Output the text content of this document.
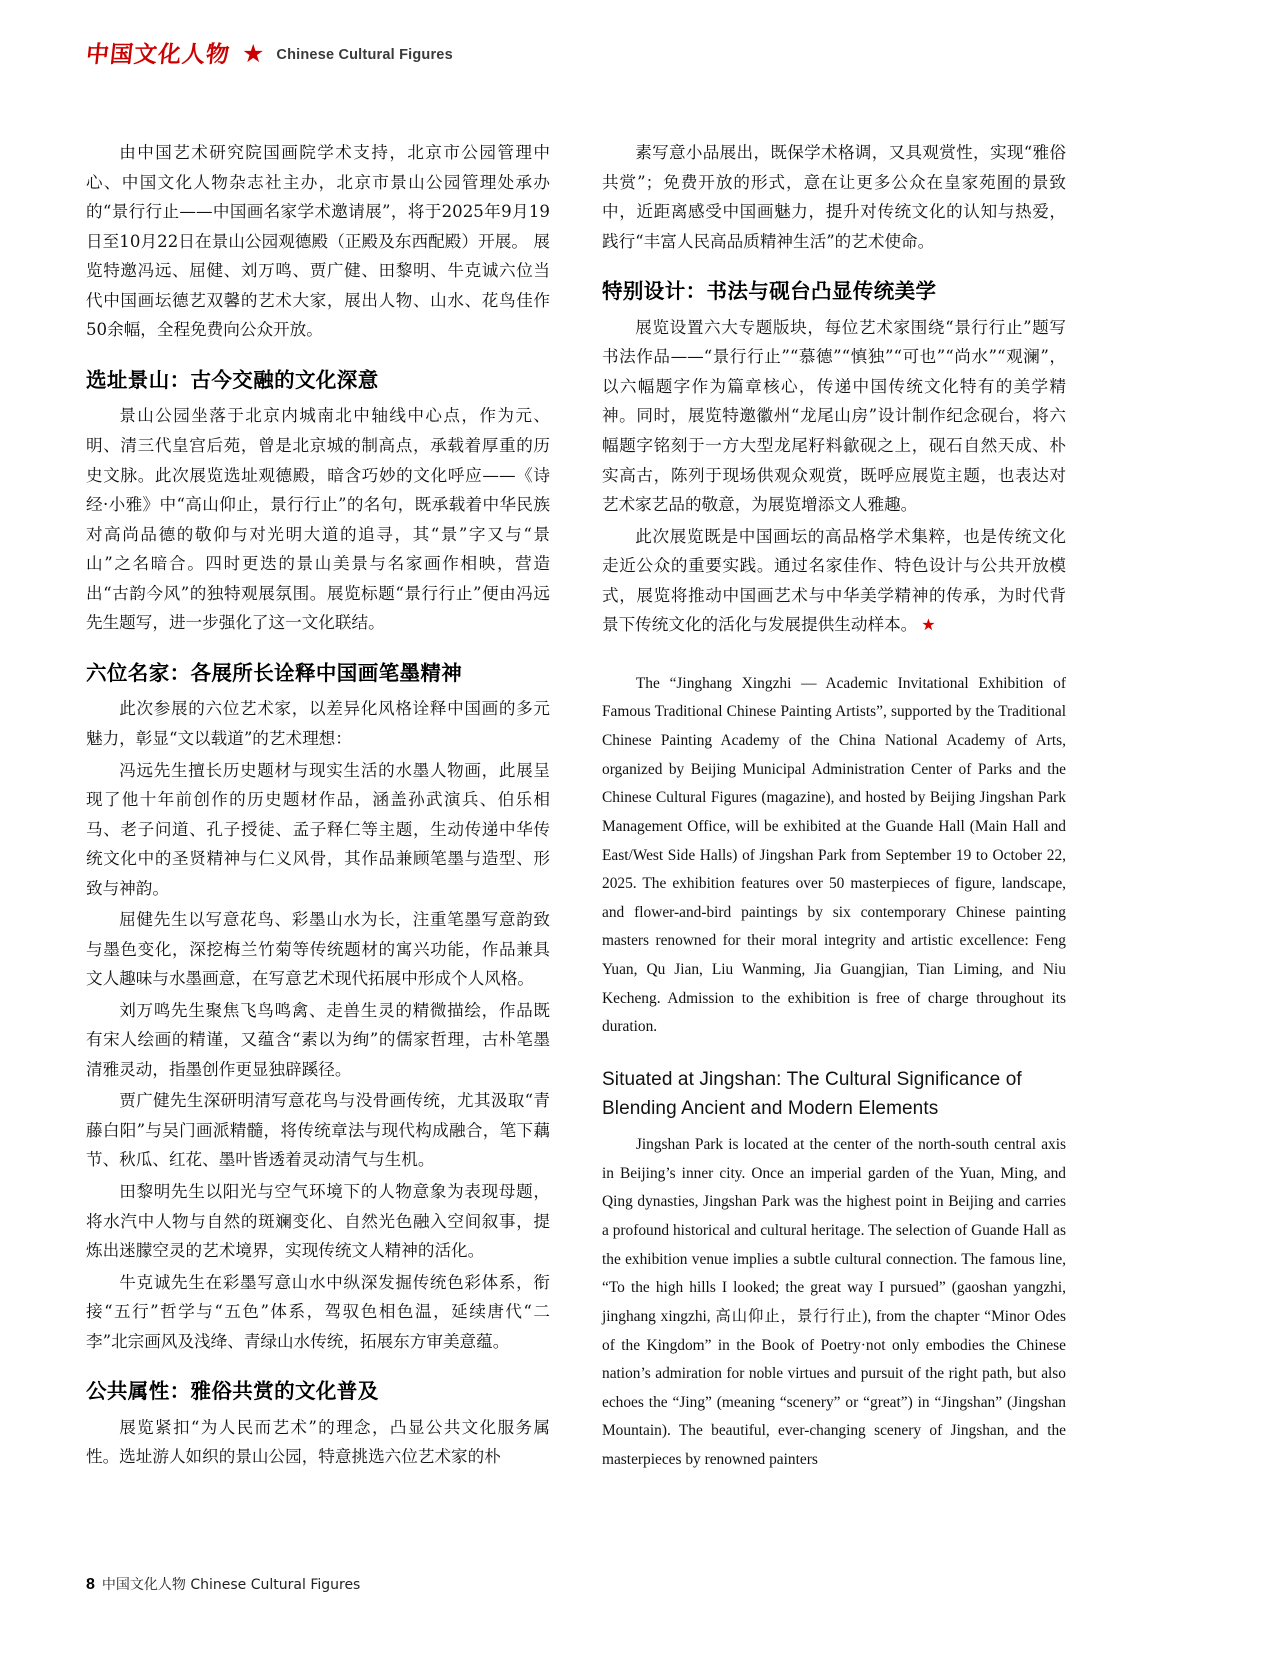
中国文化人物 ★ Chinese Cultural Figures

由中国艺术研究院国画院学术支持，北京市公园管理中心、中国文化人物杂志社主办，北京市景山公园管理处承办的“景行行止——中国画名家学术邀请展”，将于2025年9月19日至10月22日在景山公园观德殿（正殿及东西配殿）开展。 展览特邀冯远、屈健、刘万鸣、贾广健、田黎明、牛克诚六位当代中国画坛德艺双馨的艺术大家，展出人物、山水、花鸟佳作50余幅，全程免费向公众开放。

选址景山：古今交融的文化深意

景山公园坐落于北京内城南北中轴线中心点，作为元、明、清三代皇宫后苑，曾是北京城的制高点，承载着厚重的历史文脉。此次展览选址观德殿，暗含巧妙的文化呼应——《诗经·小雅》中“高山仰止，景行行止”的名句，既承载着中华民族对高尚品德的敬仰与对光明大道的追寻，其“景”字又与“景山”之名暗合。四时更迭的景山美景与名家画作相映，营造出“古韵今风”的独特观展氛围。展览标题“景行行止”便由冯远先生题写，进一步强化了这一文化联结。

六位名家：各展所长诠释中国画笔墨精神

此次参展的六位艺术家，以差异化风格诠释中国画的多元魅力，彰显“文以载道”的艺术理想：

冯远先生擅长历史题材与现实生活的水墨人物画，此展呈现了他十年前创作的历史题材作品，涵盖孙武演兵、伯乐相马、老子问道、孔子授徒、孟子释仁等主题，生动传递中华传统文化中的圣贤精神与仁义风骨，其作品兼顾笔墨与造型、形致与神韵。

屈健先生以写意花鸟、彩墨山水为长，注重笔墨写意韵致与墨色变化，深挖梅兰竹菊等传统题材的寓兴功能，作品兼具文人趣味与水墨画意，在写意艺术现代拓展中形成个人风格。

刘万鸣先生聚焦飞鸟鸣禽、走兽生灵的精微描绘，作品既有宋人绘画的精谨，又蕴含“素以为绚”的儒家哲理，古朴笔墨清雅灵动，指墨创作更显独辟蹊径。

贾广健先生深研明清写意花鸟与没骨画传统，尤其汲取“青藤白阳”与吴门画派精髓，将传统章法与现代构成融合，笔下藕节、秋瓜、红花、墨叶皆透着灵动清气与生机。

田黎明先生以阳光与空气环境下的人物意象为表现母题，将水汽中人物与自然的斑斓变化、自然光色融入空间叙事，提炼出迷朦空灵的艺术境界，实现传统文人精神的活化。

牛克诚先生在彩墨写意山水中纵深发掘传统色彩体系，衔接“五行”哲学与“五色”体系，驾驭色相色温，延续唐代“二李”北宗画风及浅绛、青绿山水传统，拓展东方审美意蕴。

公共属性：雅俗共赏的文化普及

展览紧扣“为人民而艺术”的理念，凸显公共文化服务属性。选址游人如织的景山公园，特意挑选六位艺术家的朴

素写意小品展出，既保学术格调，又具观赏性，实现“雅俗共赏”；免费开放的形式，意在让更多公众在皇家苑囿的景致中，近距离感受中国画魅力，提升对传统文化的认知与热爱，践行“丰富人民高品质精神生活”的艺术使命。

特别设计：书法与砚台凸显传统美学

展览设置六大专题版块，每位艺术家围绕“景行行止”题写书法作品——“景行行止”“慕德”“慎独”“可也”“尚水”“观澜”，以六幅题字作为篇章核心，传递中国传统文化特有的美学精神。同时，展览特邀徽州“龙尾山房”设计制作纪念砚台，将六幅题字铭刻于一方大型龙尾籽料歙砚之上，砚石自然天成、朴实高古，陈列于现场供观众观赏，既呼应展览主题，也表达对艺术家艺品的敬意，为展览增添文人雅趣。

此次展览既是中国画坛的高品格学术集粹，也是传统文化走近公众的重要实践。通过名家佳作、特色设计与公共开放模式，展览将推动中国画艺术与中华美学精神的传承，为时代背景下传统文化的活化与发展提供生动样本。 ★

The “Jinghang Xingzhi — Academic Invitational Exhibition of Famous Traditional Chinese Painting Artists”, supported by the Traditional Chinese Painting Academy of the China National Academy of Arts, organized by Beijing Municipal Administration Center of Parks and the Chinese Cultural Figures (magazine), and hosted by Beijing Jingshan Park Management Office, will be exhibited at the Guande Hall (Main Hall and East/West Side Halls) of Jingshan Park from September 19 to October 22, 2025. The exhibition features over 50 masterpieces of figure, landscape, and flower-and-bird paintings by six contemporary Chinese painting masters renowned for their moral integrity and artistic excellence: Feng Yuan, Qu Jian, Liu Wanming, Jia Guangjian, Tian Liming, and Niu Kecheng. Admission to the exhibition is free of charge throughout its duration.

Situated at Jingshan: The Cultural Significance of Blending Ancient and Modern Elements

Jingshan Park is located at the center of the north-south central axis in Beijing’s inner city. Once an imperial garden of the Yuan, Ming, and Qing dynasties, Jingshan Park was the highest point in Beijing and carries a profound historical and cultural heritage. The selection of Guande Hall as the exhibition venue implies a subtle cultural connection. The famous line, “To the high hills I looked; the great way I pursued” (gaoshan yangzhi, jinghang xingzhi, 高山仰止，景行行止), from the chapter “Minor Odes of the Kingdom” in the Book of Poetry·not only embodies the Chinese nation’s admiration for noble virtues and pursuit of the right path, but also echoes the “Jing” (meaning “scenery” or “great”) in “Jingshan” (Jingshan Mountain). The beautiful, ever-changing scenery of Jingshan, and the masterpieces by renowned painters

8 中国文化人物 Chinese Cultural Figures
